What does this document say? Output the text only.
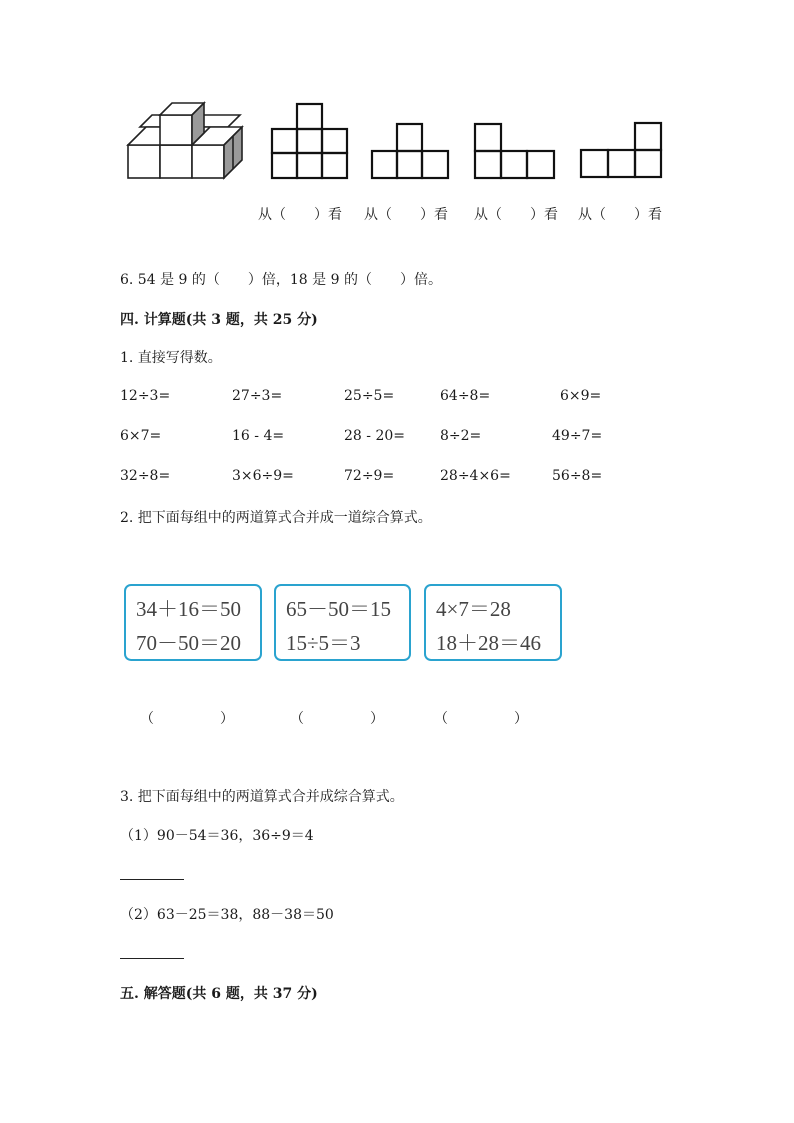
从（　　）看 从（　　）看 从（　　）看 从（　　）看
6. 54 是 9 的（　　）倍，18 是 9 的（　　）倍。
四. 计算题(共 3 题，共 25 分)
1. 直接写得数。
12÷3=	27÷3=	25÷5=	64÷8=	6×9=
6×7=	16 - 4=	28 - 20=	8÷2=	49÷7=
32÷8=	3×6÷9=	72÷9=	28÷4×6=	56÷8=
2. 把下面每组中的两道算式合并成一道综合算式。
34＋16＝50
70－50＝20
65－50＝15
15÷5＝3
4×7＝28
18＋28＝46
（　　　　）	（　　　　）	（　　　　）
3. 把下面每组中的两道算式合并成综合算式。
（1）90－54＝36，36÷9＝4
（2）63－25＝38，88－38＝50
五. 解答题(共 6 题，共 37 分)
